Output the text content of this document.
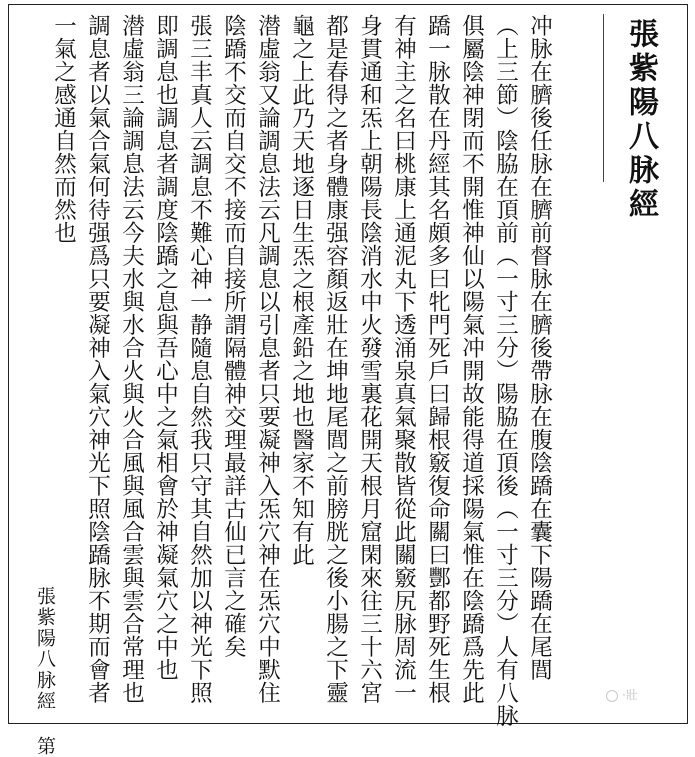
張紫陽八脉經
冲脉在臍後任脉在臍前督脉在臍後帶脉在腹陰蹻在囊下陽蹻在尾閭
（上三節）陰脇在頂前（一寸三分）陽脇在頂後（一寸三分）人有八脉
俱屬陰神閉而不開惟神仙以陽氣冲開故能得道採陽氣惟在陰蹻爲先此
蹻一脉散在丹經其名頗多曰牝門死戶曰歸根竅復命關曰酆都野死生根
有神主之名曰桃康上通泥丸下透涌泉真氣聚散皆從此關竅尻脉周流一
身貫通和炁上朝陽長陰消水中火發雪裏花開天根月窟閑來往三十六宮
都是春得之者身體康强容顏返壯在坤地尾閭之前膀胱之後小腸之下靈
龜之上此乃天地逐日生炁之根產鉛之地也醫家不知有此
潜虛翁又論調息法云凡調息以引息者只要凝神入炁穴神在炁穴中默住
陰蹻不交而自交不接而自接所謂隔體神交理最詳古仙已言之確矣
張三丰真人云調息不難心神一静隨息自然我只守其自然加以神光下照
即調息也調息者調度陰蹻之息與吾心中之氣相會於神凝氣穴之中也
潜虛翁三論調息法云今夫水與水合火與火合風與風合雲與雲合常理也
調息者以氣合氣何待强爲只要凝神入氣穴神光下照陰蹻脉不期而會者
一氣之感通自然而然也
張紫陽八脉經 第	·壯
